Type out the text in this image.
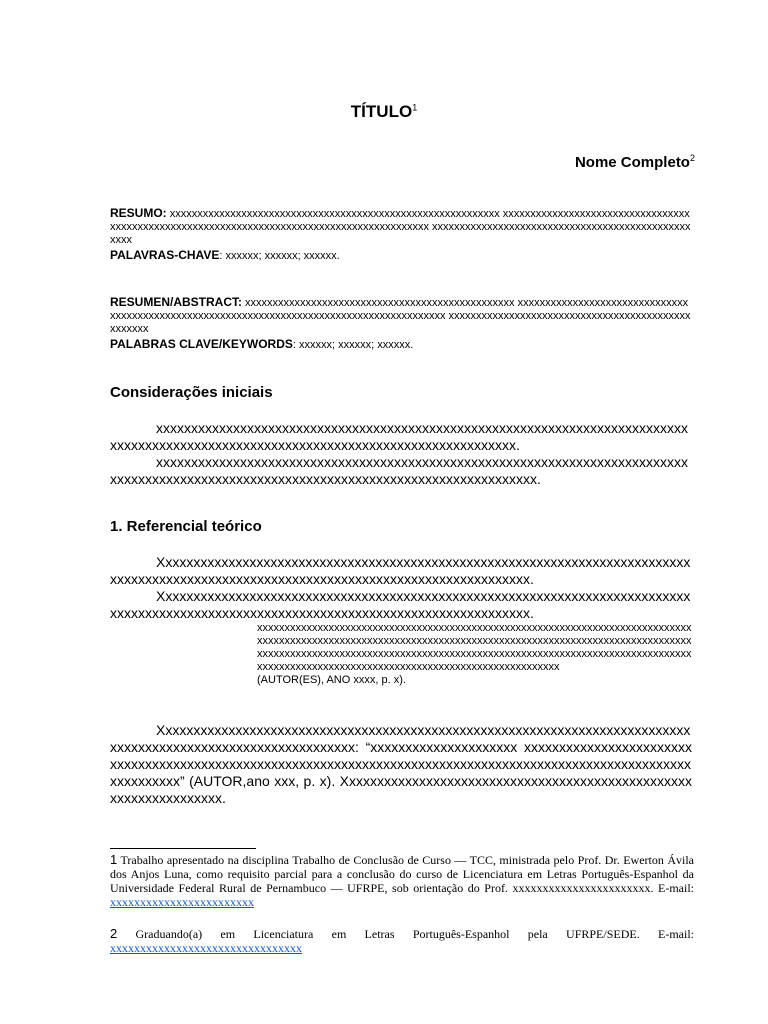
TÍTULO$^1$
Nome Completo$^2$

RESUMO: xxxxxxxxxxxxxxxxxxxxxxxxxxxxxxxxxxxxxxxxxxxxxxxxxxxxxxxxxxxx xxxxxxxxxxxxxxxxxxxxxxxxxxxxxxxxxxxxxxxxxxxxxxxxxxxxxxxxxxxxxxxxxxxxxxxxxxxxxxxxxxxxxxxxxxxx xxxxxxxxxxxxxxxxxxxxxxxxxxxxxxxxxxxxxxxxxxxxxxxxxxx

PALAVRAS-CHAVE: xxxxxx; xxxxxx; xxxxxx.

RESUMEN/ABSTRACT: xxxxxxxxxxxxxxxxxxxxxxxxxxxxxxxxxxxxxxxxxxxxxxxxx xxxxxxxxxxxxxxxxxxxxxxxxxxxxxxxxxxxxxxxxxxxxxxxxxxxxxxxxxxxxxxxxxxxxxxxxxxxxxxxxxxxxxxxxxxxx xxxxxxxxxxxxxxxxxxxxxxxxxxxxxxxxxxxxxxxxxxxxxxxxxxx

PALABRAS CLAVE/KEYWORDS: xxxxxx; xxxxxx; xxxxxx.

Considerações iniciais

xxxxxxxxxxxxxxxxxxxxxxxxxxxxxxxxxxxxxxxxxxxxxxxxxxxxxxxxxxxxxxxxxxxxxxxxxxxxxxxxxxxxxxxxxxxxxxxxxxxxxxxxxxxxxxxxxxxxxxxxxxxxxxxxxxxxxx.

xxxxxxxxxxxxxxxxxxxxxxxxxxxxxxxxxxxxxxxxxxxxxxxxxxxxxxxxxxxxxxxxxxxxxxxxxxxxxxxxxxxxxxxxxxxxxxxxxxxxxxxxxxxxxxxxxxxxxxxxxxxxxxxxxxxxxxxxx.

1. Referencial teórico

Xxxxxxxxxxxxxxxxxxxxxxxxxxxxxxxxxxxxxxxxxxxxxxxxxxxxxxxxxxxxxxxxxxxxxxxxxxxxxxxxxxxxxxxxxxxxxxxxxxxxxxxxxxxxxxxxxxxxxxxxxxxxxxxxxxxxxxxx.

Xxxxxxxxxxxxxxxxxxxxxxxxxxxxxxxxxxxxxxxxxxxxxxxxxxxxxxxxxxxxxxxxxxxxxxxxxxxxxxxxxxxxxxxxxxxxxxxxxxxxxxxxxxxxxxxxxxxxxxxxxxxxxxxxxxxxxxxx.

xxxxxxxxxxxxxxxxxxxxxxxxxxxxxxxxxxxxxxxxxxxxxxxxxxxxxxxxxxxxxxxxxxxxxxxxxxxxxxxxxxxxxxxxxxxxxxxxxxxxxxxxxxxxxxxxxxxxxxxxxxxxxxxxxxxxxxxxxxxxxxxxxxxxxxxxxxxxxxxxxxxxxxxxxxxxxxxxxxxxxxxxxxxxxxxxxxxxxxxxxxxxxxxxxxxxxxxxxxxxxxxxxxxxxxxxxxxxxxxxxxxxxxxxxxxxxxxxxxxxxxxxxxxxxxxxxxxxxxxxxxxxxxxxxxxx
(AUTOR(ES), ANO xxxx, p. x).

Xxxxxxxxxxxxxxxxxxxxxxxxxxxxxxxxxxxxxxxxxxxxxxxxxxxxxxxxxxxxxxxxxxxxxxxxxxxxxxxxxxxxxxxxxxxxxxxxxxxxxxxxxxxxxxx: “xxxxxxxxxxxxxxxxxxxxx xxxxxxxxxxxxxxxxxxxxxxxxxxxxxxxxxxxxxxxxxxxxxxxxxxxxxxxxxxxxxxxxxxxxxxxxxxxxxxxxxxxxxxxxxxxxxxxxxxxxxxxxxxxxxxxxxxxxx” (AUTOR,ano xxx, p. x). Xxxxxxxxxxxxxxxxxxxxxxxxxxxxxxxxxxxxxxxxxxxxxxxxxxxxxxxxxxxxxxxxxx.

1 Trabalho apresentado na disciplina Trabalho de Conclusão de Curso — TCC, ministrada pelo Prof. Dr. Ewerton Ávila dos Anjos Luna, como requisito parcial para a conclusão do curso de Licenciatura em Letras Português-Espanhol da Universidade Federal Rural de Pernambuco — UFRPE, sob orientação do Prof. xxxxxxxxxxxxxxxxxxxxxxx. E-mail: xxxxxxxxxxxxxxxxxxxxxxxx

2 Graduando(a) em Licenciatura em Letras Português-Espanhol pela UFRPE/SEDE. E-mail: xxxxxxxxxxxxxxxxxxxxxxxxxxxxxxxx
